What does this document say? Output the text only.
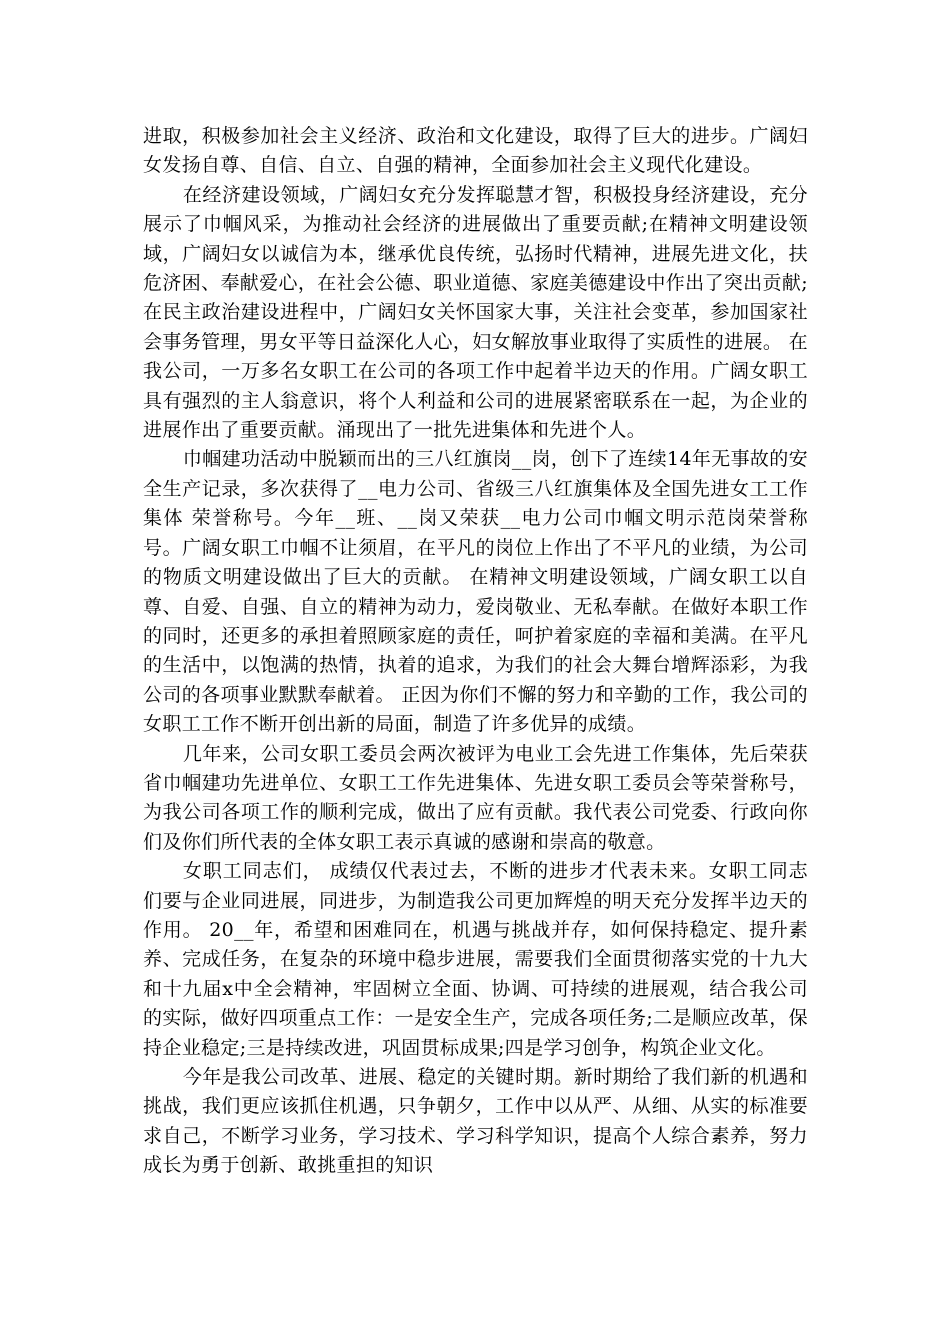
进取，积极参加社会主义经济、政治和文化建设，取得了巨大的进步。广阔妇女发扬自尊、自信、自立、自强的精神，全面参加社会主义现代化建设。

在经济建设领域，广阔妇女充分发挥聪慧才智，积极投身经济建设，充分展示了巾帼风采，为推动社会经济的进展做出了重要贡献;在精神文明建设领域，广阔妇女以诚信为本，继承优良传统，弘扬时代精神，进展先进文化，扶危济困、奉献爱心，在社会公德、职业道德、家庭美德建设中作出了突出贡献;在民主政治建设进程中，广阔妇女关怀国家大事，关注社会变革，参加国家社会事务管理，男女平等日益深化人心，妇女解放事业取得了实质性的进展。 在我公司，一万多名女职工在公司的各项工作中起着半边天的作用。广阔女职工具有强烈的主人翁意识，将个人利益和公司的进展紧密联系在一起，为企业的进展作出了重要贡献。涌现出了一批先进集体和先进个人。

巾帼建功活动中脱颖而出的三八红旗岗__岗，创下了连续14年无事故的安全生产记录，多次获得了__电力公司、省级三八红旗集体及全国先进女工工作集体 荣誉称号。今年__班、__岗又荣获__电力公司巾帼文明示范岗荣誉称号。广阔女职工巾帼不让须眉，在平凡的岗位上作出了不平凡的业绩，为公司的物质文明建设做出了巨大的贡献。 在精神文明建设领域，广阔女职工以自尊、自爱、自强、自立的精神为动力，爱岗敬业、无私奉献。在做好本职工作的同时，还更多的承担着照顾家庭的责任，呵护着家庭的幸福和美满。在平凡的生活中，以饱满的热情，执着的追求，为我们的社会大舞台增辉添彩，为我公司的各项事业默默奉献着。 正因为你们不懈的努力和辛勤的工作，我公司的女职工工作不断开创出新的局面，制造了许多优异的成绩。

几年来，公司女职工委员会两次被评为电业工会先进工作集体，先后荣获省巾帼建功先进单位、女职工工作先进集体、先进女职工委员会等荣誉称号，为我公司各项工作的顺利完成，做出了应有贡献。我代表公司党委、行政向你们及你们所代表的全体女职工表示真诚的感谢和崇高的敬意。

女职工同志们， 成绩仅代表过去，不断的进步才代表未来。女职工同志们要与企业同进展，同进步，为制造我公司更加辉煌的明天充分发挥半边天的作用。 20__年，希望和困难同在，机遇与挑战并存，如何保持稳定、提升素养、完成任务，在复杂的环境中稳步进展，需要我们全面贯彻落实党的十九大和十九届x中全会精神，牢固树立全面、协调、可持续的进展观，结合我公司的实际，做好四项重点工作：一是安全生产，完成各项任务;二是顺应改革，保持企业稳定;三是持续改进，巩固贯标成果;四是学习创争，构筑企业文化。

今年是我公司改革、进展、稳定的关键时期。新时期给了我们新的机遇和挑战，我们更应该抓住机遇，只争朝夕，工作中以从严、从细、从实的标准要求自己，不断学习业务，学习技术、学习科学知识，提高个人综合素养，努力成长为勇于创新、敢挑重担的知识
